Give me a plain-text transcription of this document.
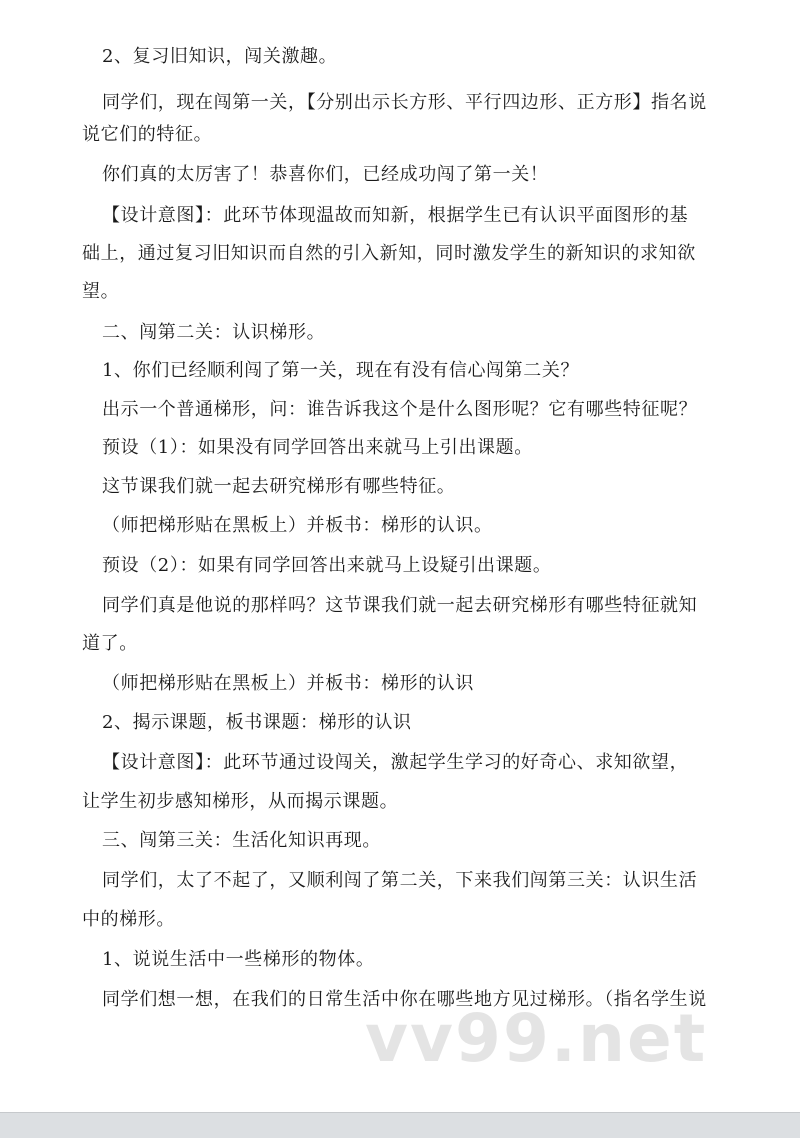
2、复习旧知识，闯关激趣。

同学们，现在闯第一关，【分别出示长方形、平行四边形、正方形】指名说

说它们的特征。

你们真的太厉害了！恭喜你们，已经成功闯了第一关！

【设计意图】：此环节体现温故而知新，根据学生已有认识平面图形的基

础上，通过复习旧知识而自然的引入新知，同时激发学生的新知识的求知欲

望。

二、闯第二关：认识梯形。

1、你们已经顺利闯了第一关，现在有没有信心闯第二关？

出示一个普通梯形，问：谁告诉我这个是什么图形呢？它有哪些特征呢？

预设（1）：如果没有同学回答出来就马上引出课题。

这节课我们就一起去研究梯形有哪些特征。

（师把梯形贴在黑板上）并板书：梯形的认识。

预设（2）：如果有同学回答出来就马上设疑引出课题。

同学们真是他说的那样吗？这节课我们就一起去研究梯形有哪些特征就知

道了。

（师把梯形贴在黑板上）并板书：梯形的认识

2、揭示课题，板书课题：梯形的认识

【设计意图】：此环节通过设闯关，激起学生学习的好奇心、求知欲望，

让学生初步感知梯形，从而揭示课题。

三、闯第三关：生活化知识再现。

同学们，太了不起了，又顺利闯了第二关，下来我们闯第三关：认识生活

中的梯形。

1、说说生活中一些梯形的物体。

同学们想一想，在我们的日常生活中你在哪些地方见过梯形。（指名学生说

vv99.net
